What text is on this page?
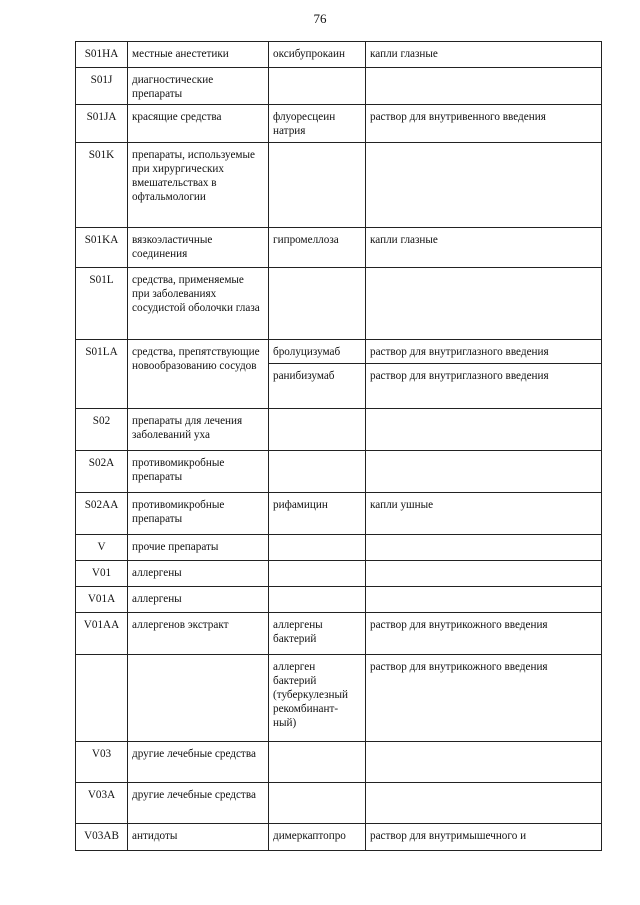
76
S01HA	местные анестетики	оксибупрокаин	капли глазные
S01J	диагностические препараты		
S01JA	красящие средства	флуоресцеин натрия	раствор для внутривенного введения
S01K	препараты, используемые при хирургических вмешательствах в офтальмологии		
S01KA	вязкоэластичные соединения	гипромеллоза	капли глазные
S01L	средства, применяемые при заболеваниях сосудистой оболочки глаза		
S01LA	средства, препятствующие новообразованию сосудов	бролуцизумаб	раствор для внутриглазного введения
		ранибизумаб	раствор для внутриглазного введения
S02	препараты для лечения заболеваний уха		
S02A	противомикробные препараты		
S02AA	противомикробные препараты	рифамицин	капли ушные
V	прочие препараты		
V01	аллергены		
V01A	аллергены		
V01AA	аллергенов экстракт	аллергены бактерий	раствор для внутрикожного введения
		аллерген бактерий (туберкулезный рекомбинант-ный)	раствор для внутрикожного введения
V03	другие лечебные средства		
V03A	другие лечебные средства		
V03AB	антидоты	димеркаптопро	раствор для внутримышечного и
